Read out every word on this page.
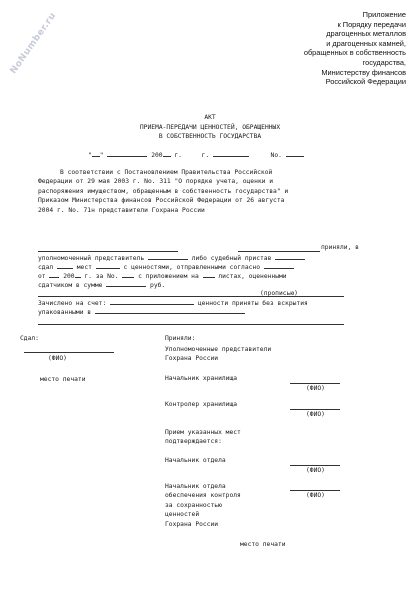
NoNumber.ru	Приложение
к Порядку передачи
драгоценных металлов
и драгоценных камней,
обращенных в собственность
государства,
Министерству финансов
Российской Федерации
АКТ
ПРИЕМА-ПЕРЕДАЧИ ЦЕННОСТЕЙ, ОБРАЩЕННЫХ
В СОБСТВЕННОСТЬ ГОСУДАРСТВА
" "	200 г.	г.	No.
В соответствии с Постановлением Правительства Российской
Федерации от 29 мая 2003 г. No. 311 "О порядке учета, оценки и
распоряжения имуществом, обращенным в собственность государства" и
Приказом Министерства финансов Российской Федерации от 26 августа
2004 г. No. 71н представители Гохрана России
приняли, в
уполномоченный представитель	либо судебный пристав
сдал	мест	с ценностями, отправленными согласно
от	200 г. за No.	с приложением на	листах, оцененными
сдатчиком в сумме	руб.
(прописью)
Зачислено на счет:	ценности приняты без вскрытия
упакованными в
Сдал:
(ФИО)
место печати
Приняли:
Уполномоченные представители
Гохрана России
Начальник хранилища
(ФИО)
Контролер хранилища
(ФИО)
Прием указанных мест
подтверждается:
Начальник отдела
(ФИО)
Начальник отдела
обеспечения контроля
за сохранностью
ценностей
Гохрана России
(ФИО)
место печати
